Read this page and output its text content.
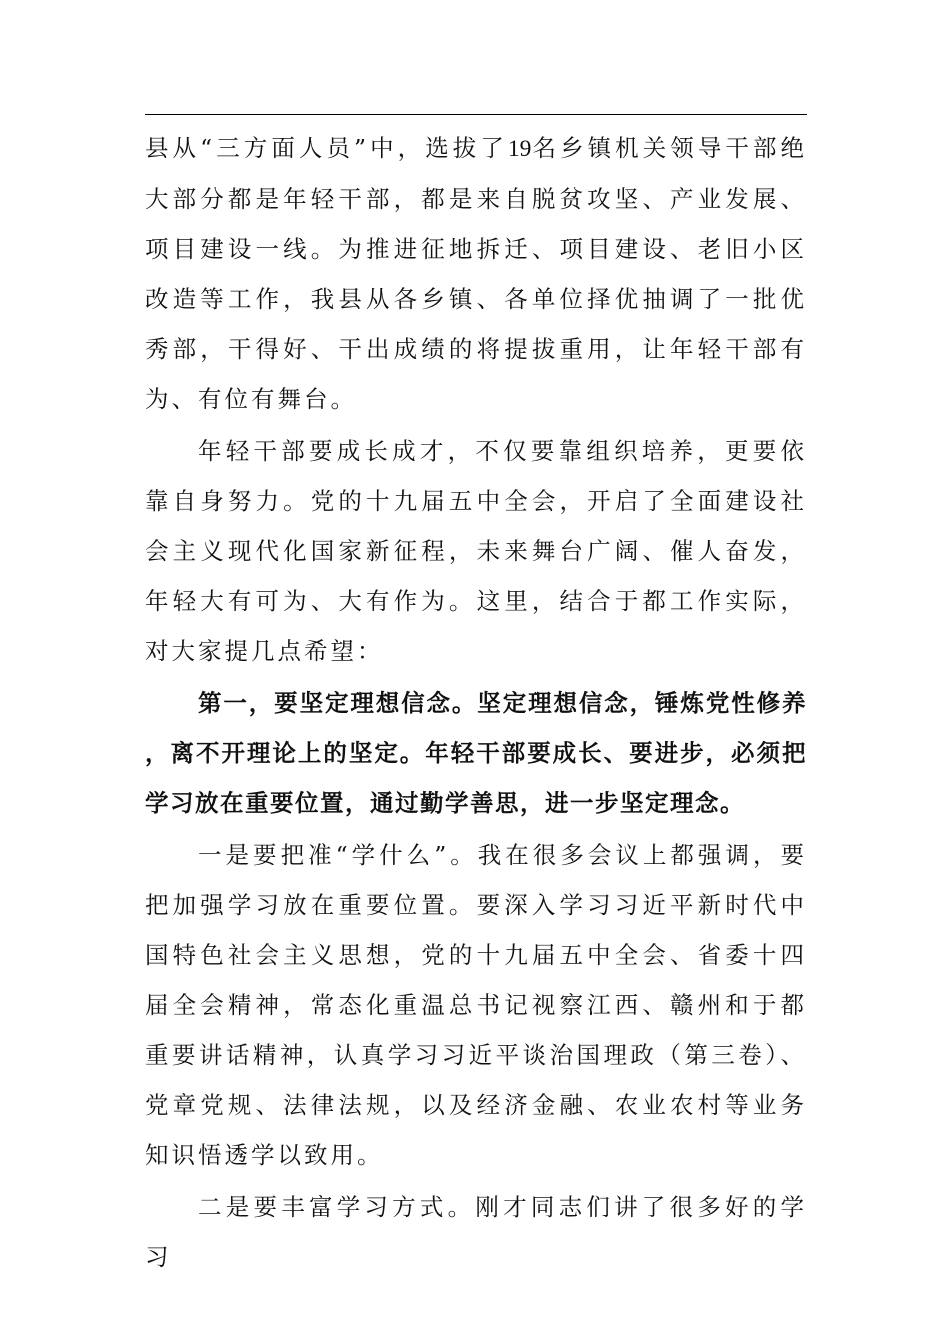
县从“三方面人员”中，选拔了19名乡镇机关领导干部绝大部分都是年轻干部，都是来自脱贫攻坚、产业发展、项目建设一线。为推进征地拆迁、项目建设、老旧小区改造等工作，我县从各乡镇、各单位择优抽调了一批优秀部，干得好、干出成绩的将提拔重用，让年轻干部有为、有位有舞台。

年轻干部要成长成才，不仅要靠组织培养，更要依靠自身努力。党的十九届五中全会，开启了全面建设社会主义现代化国家新征程，未来舞台广阔、催人奋发，年轻大有可为、大有作为。这里，结合于都工作实际，对大家提几点希望：

第一，要坚定理想信念。坚定理想信念，锤炼党性修养，离不开理论上的坚定。年轻干部要成长、要进步，必须把学习放在重要位置，通过勤学善思，进一步坚定理念。

一是要把准“学什么”。我在很多会议上都强调，要把加强学习放在重要位置。要深入学习习近平新时代中国特色社会主义思想，党的十九届五中全会、省委十四届全会精神，常态化重温总书记视察江西、赣州和于都重要讲话精神，认真学习习近平谈治国理政（第三卷）、党章党规、法律法规，以及经济金融、农业农村等业务知识悟透学以致用。

二是要丰富学习方式。刚才同志们讲了很多好的学习
